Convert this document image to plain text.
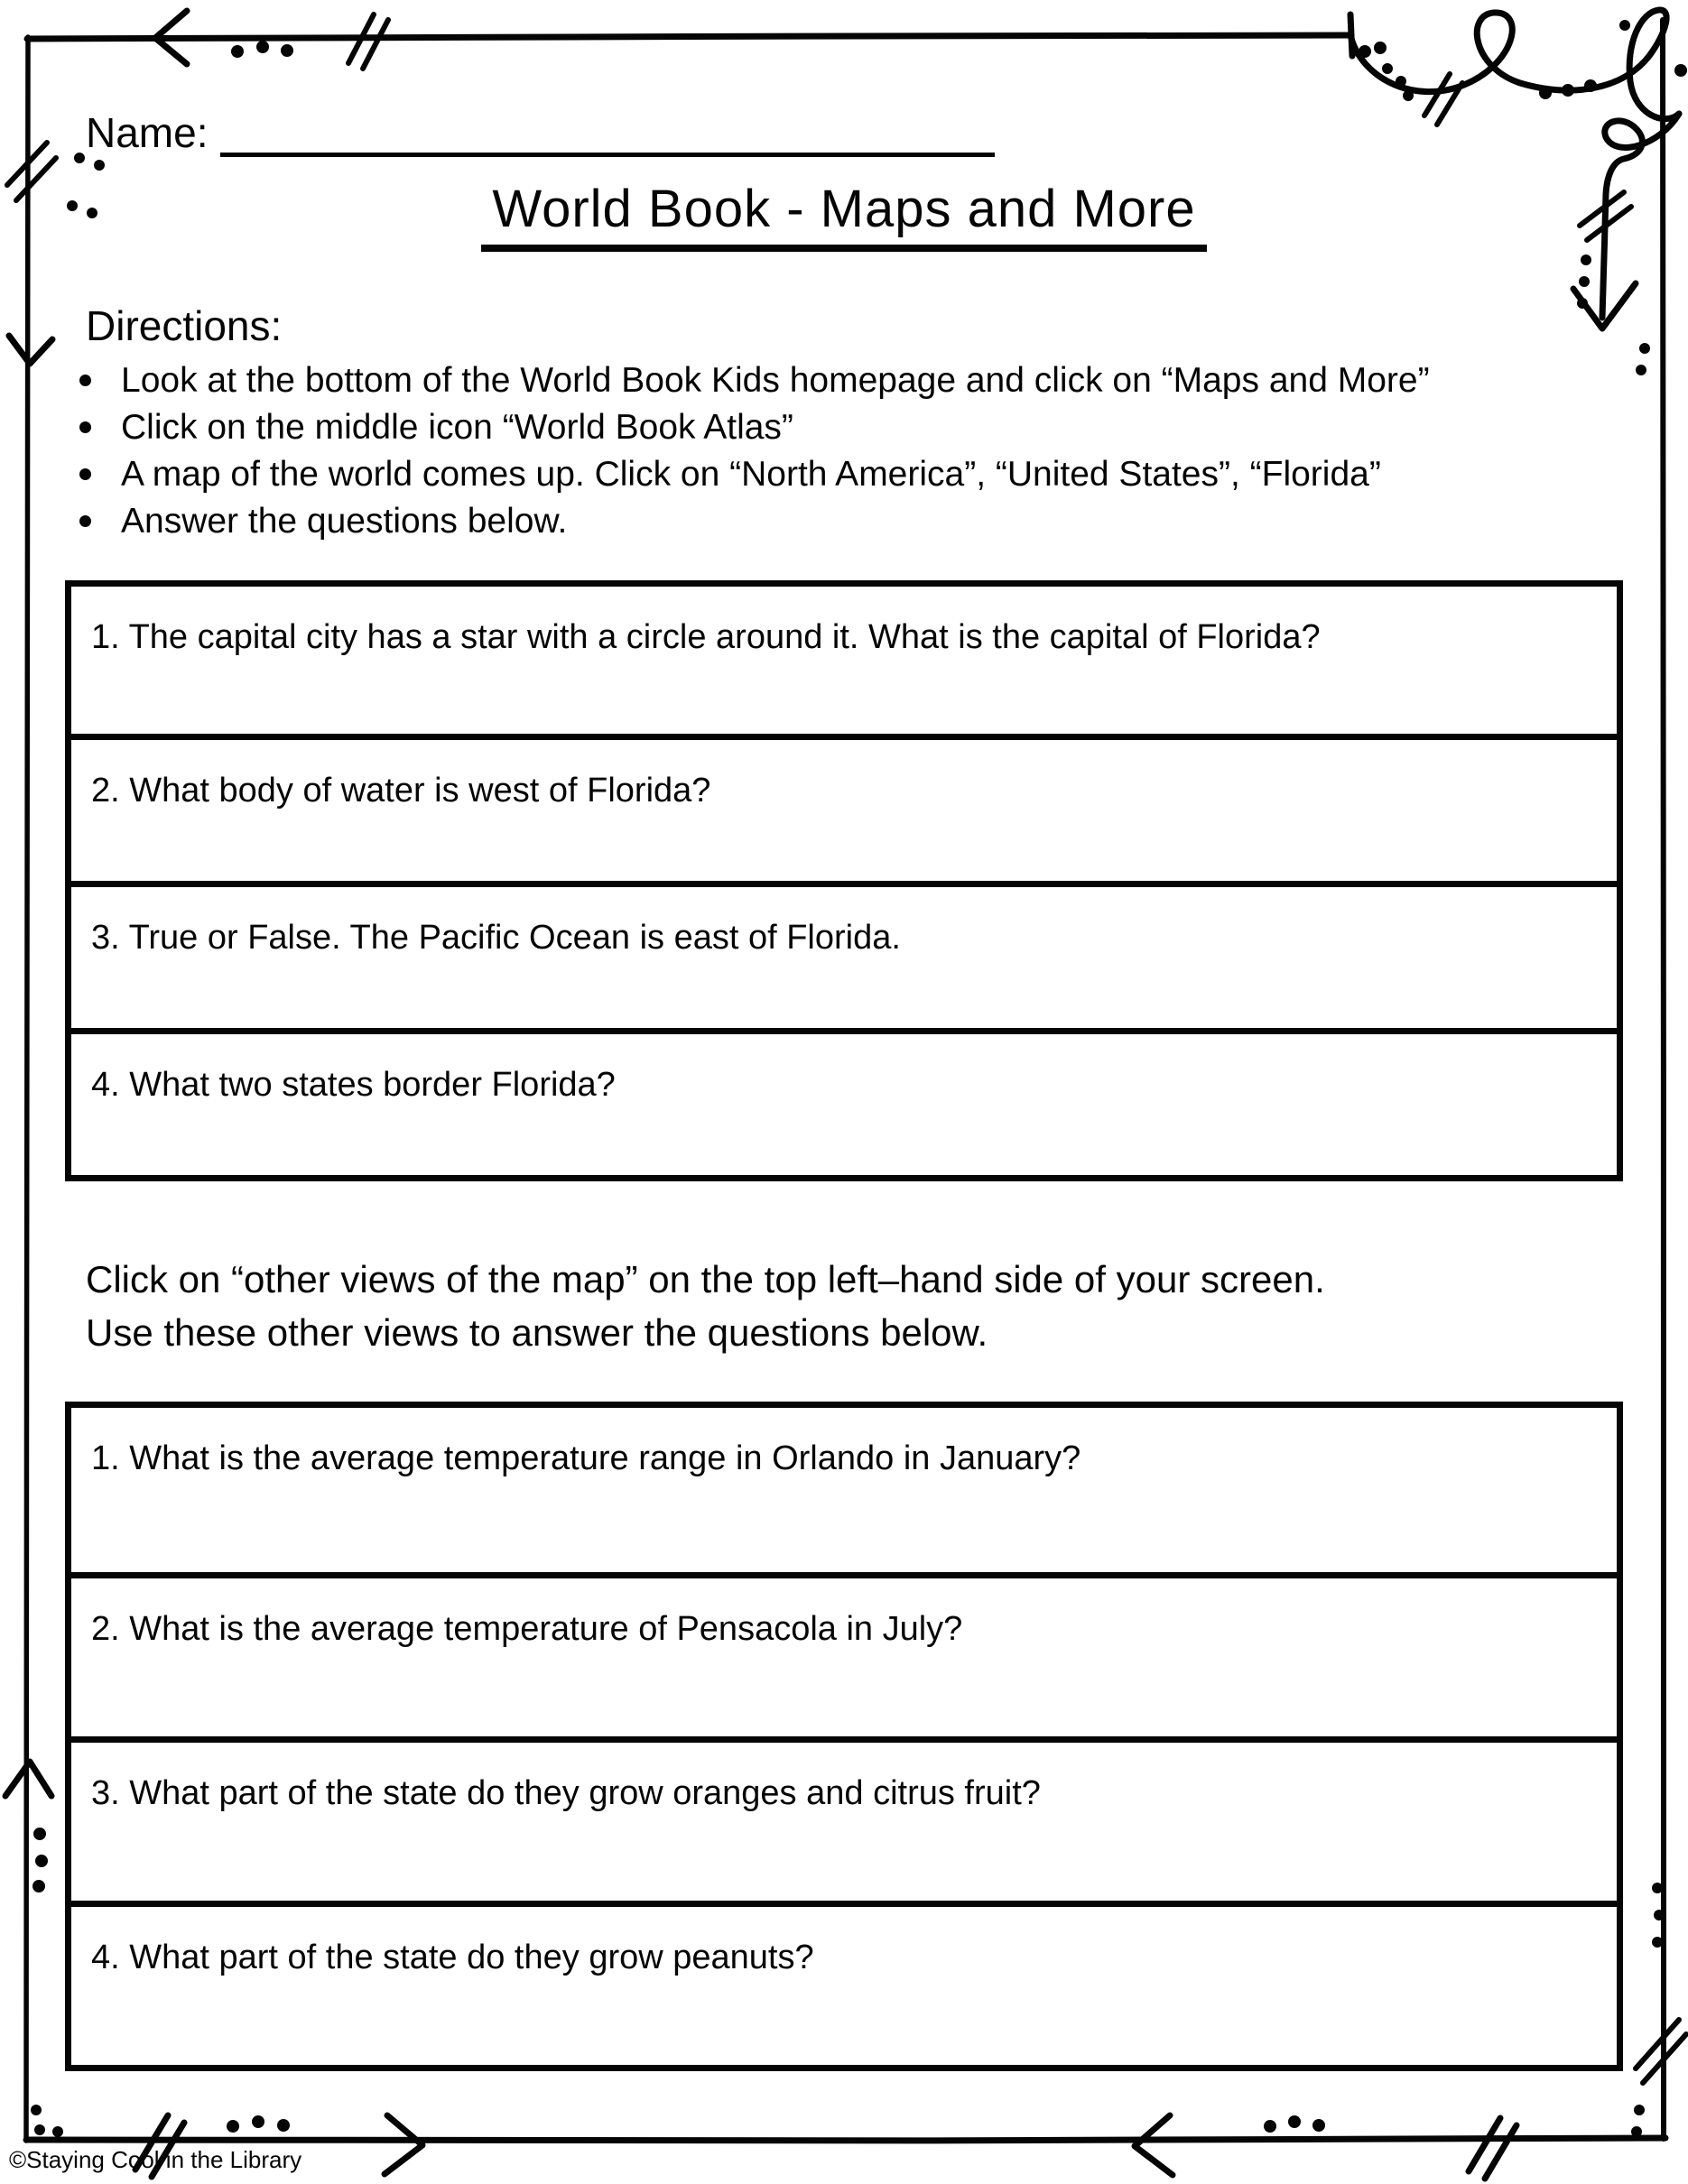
Name:
World Book - Maps and More
Directions:
Look at the bottom of the World Book Kids homepage and click on “Maps and More”
Click on the middle icon “World Book Atlas”
A map of the world comes up. Click on “North America”, “United States”, “Florida”
Answer the questions below.
1. The capital city has a star with a circle around it. What is the capital of Florida?
2. What body of water is west of Florida?
3. True or False. The Pacific Ocean is east of Florida.
4. What two states border Florida?
Click on “other views of the map” on the top left–hand side of your screen.
Use these other views to answer the questions below.
1. What is the average temperature range in Orlando in January?
2. What is the average temperature of Pensacola in July?
3. What part of the state do they grow oranges and citrus fruit?
4. What part of the state do they grow peanuts?
©Staying Cool in the Library
